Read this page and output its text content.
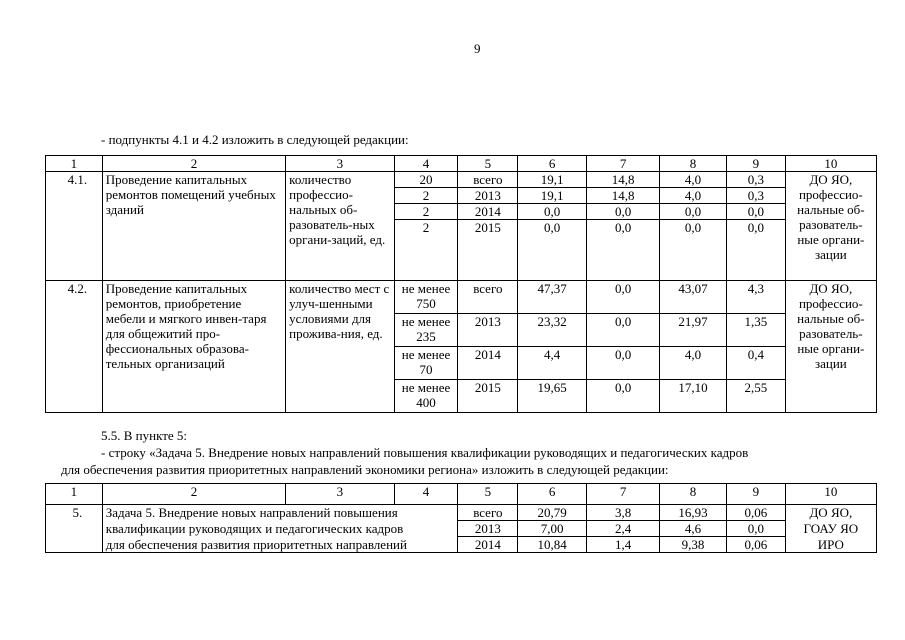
9
- подпункты 4.1 и 4.2 изложить в следующей редакции:
1	2	3	4	5	6	7	8	9	10
4.1.	Проведение капитальных ремонтов помещений учебных зданий	количество профессио-нальных об-разователь-ных органи-заций, ед.	20	всего	19,1	14,8	4,0	0,3	ДО ЯО, профессио-нальные об-разователь-ные органи-зации
			2	2013	19,1	14,8	4,0	0,3	
			2	2014	0,0	0,0	0,0	0,0	
			2	2015	0,0	0,0	0,0	0,0	
4.2.	Проведение капитальных ремонтов, приобретение мебели и мягкого инвен-таря для общежитий про-фессиональных образова-тельных организаций	количество мест с улуч-шенными условиями для прожива-ния, ед.	не менее 750	всего	47,37	0,0	43,07	4,3	ДО ЯО, профессио-нальные об-разователь-ные органи-зации
			не менее 235	2013	23,32	0,0	21,97	1,35	
			не менее 70	2014	4,4	0,0	4,0	0,4	
			не менее 400	2015	19,65	0,0	17,10	2,55	
5.5. В пункте 5:
- строку «Задача 5. Внедрение новых направлений повышения квалификации руководящих и педагогических кадров
для обеспечения развития приоритетных направлений экономики региона» изложить в следующей редакции:
1	2	3	4	5	6	7	8	9	10
5.	Задача 5. Внедрение новых направлений повышения			всего	20,79	3,8	16,93	0,06	ДО ЯО,
	квалификации руководящих и педагогических кадров			2013	7,00	2,4	4,6	0,0	ГОАУ ЯО
	для обеспечения развития приоритетных направлений			2014	10,84	1,4	9,38	0,06	ИРО
